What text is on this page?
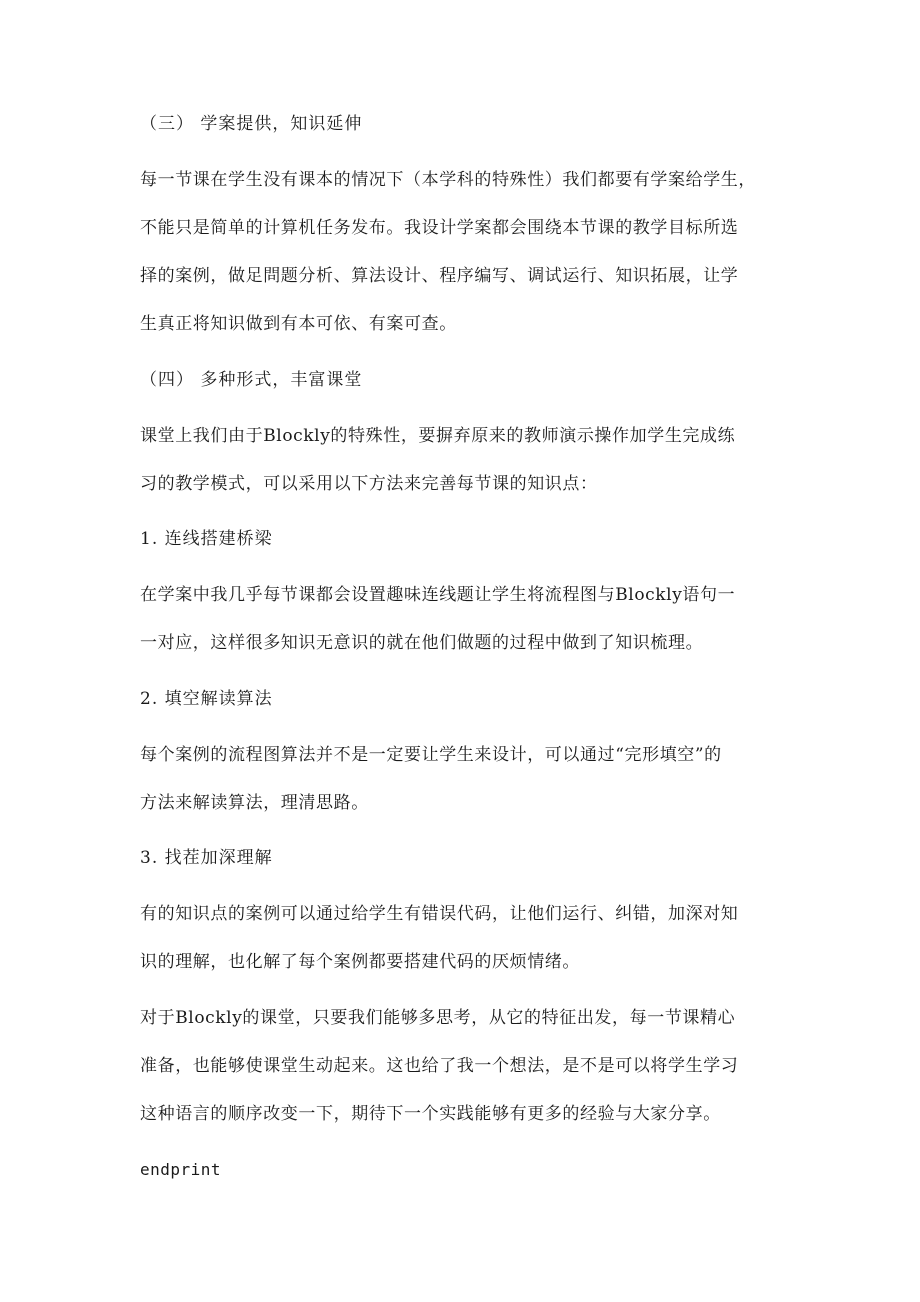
（三） 学案提供，知识延伸
每一节课在学生没有课本的情况下（本学科的特殊性）我们都要有学案给学生，
不能只是简单的计算机任务发布。我设计学案都会围绕本节课的教学目标所选
择的案例，做足問题分析、算法设计、程序编写、调试运行、知识拓展，让学
生真正将知识做到有本可依、有案可查。
（四） 多种形式，丰富课堂
课堂上我们由于Blockly的特殊性，要摒弃原来的教师演示操作加学生完成练
习的教学模式，可以采用以下方法来完善每节课的知识点：
1. 连线搭建桥梁
在学案中我几乎每节课都会设置趣味连线题让学生将流程图与Blockly语句一
一对应，这样很多知识无意识的就在他们做题的过程中做到了知识梳理。
2. 填空解读算法
每个案例的流程图算法并不是一定要让学生来设计，可以通过“完形填空”的
方法来解读算法，理清思路。
3. 找茬加深理解
有的知识点的案例可以通过给学生有错误代码，让他们运行、纠错，加深对知
识的理解，也化解了每个案例都要搭建代码的厌烦情绪。
对于Blockly的课堂，只要我们能够多思考，从它的特征出发，每一节课精心
准备，也能够使课堂生动起来。这也给了我一个想法，是不是可以将学生学习
这种语言的顺序改变一下，期待下一个实践能够有更多的经验与大家分享。
endprint
